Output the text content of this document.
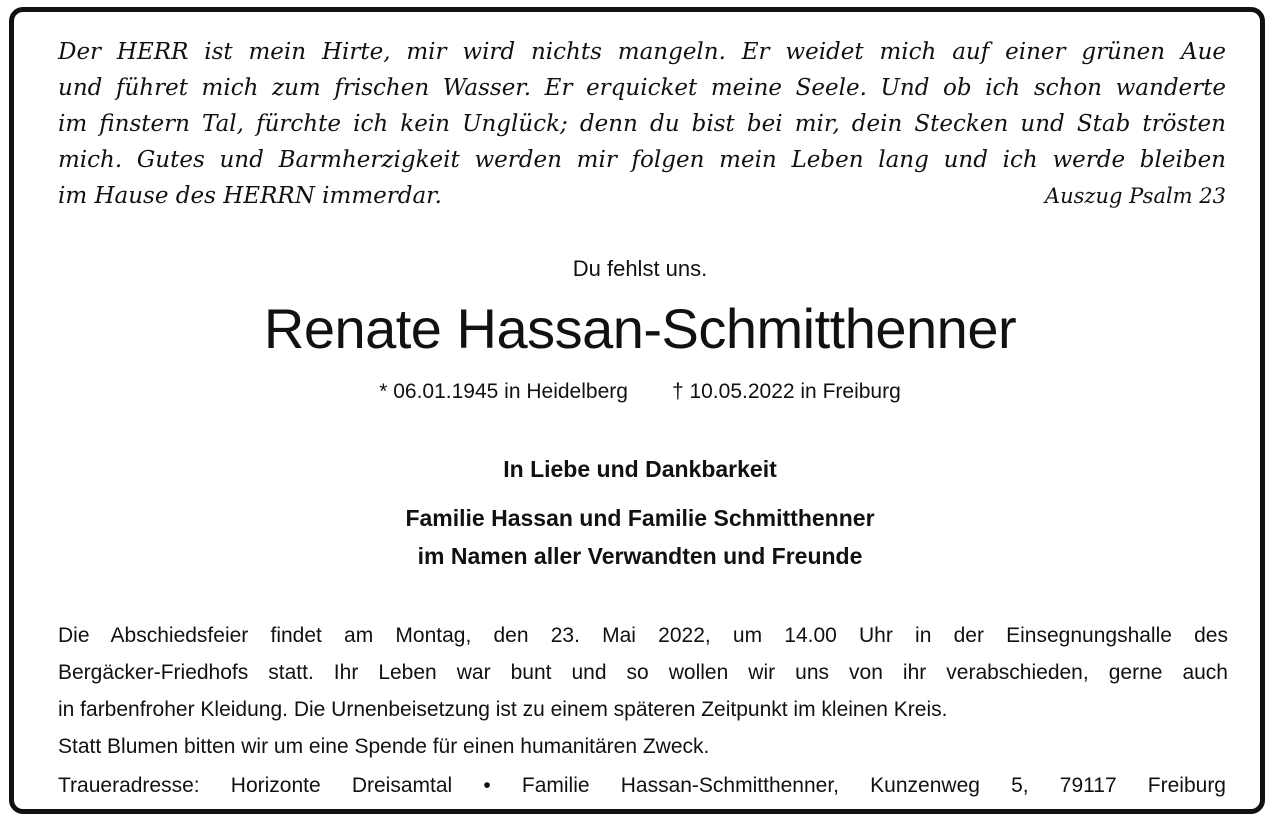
Der HERR ist mein Hirte, mir wird nichts mangeln. Er weidet mich auf einer grünen Aue
und führet mich zum frischen Wasser. Er erquicket meine Seele. Und ob ich schon wanderte
im finstern Tal, fürchte ich kein Unglück; denn du bist bei mir, dein Stecken und Stab trösten
mich. Gutes und Barmherzigkeit werden mir folgen mein Leben lang und ich werde bleiben
im Hause des HERRN immerdar.	Auszug Psalm 23
Du fehlst uns.
Renate Hassan-Schmitthenner
* 06.01.1945 in Heidelberg † 10.05.2022 in Freiburg
In Liebe und Dankbarkeit
Familie Hassan und Familie Schmitthenner
im Namen aller Verwandten und Freunde
Die Abschiedsfeier findet am Montag, den 23. Mai 2022, um 14.00 Uhr in der Einsegnungshalle des
Bergäcker-Friedhofs statt. Ihr Leben war bunt und so wollen wir uns von ihr verabschieden, gerne auch
in farbenfroher Kleidung. Die Urnenbeisetzung ist zu einem späteren Zeitpunkt im kleinen Kreis.
Statt Blumen bitten wir um eine Spende für einen humanitären Zweck.
Traueradresse: Horizonte Dreisamtal • Familie Hassan-Schmitthenner, Kunzenweg 5, 79117 Freiburg
